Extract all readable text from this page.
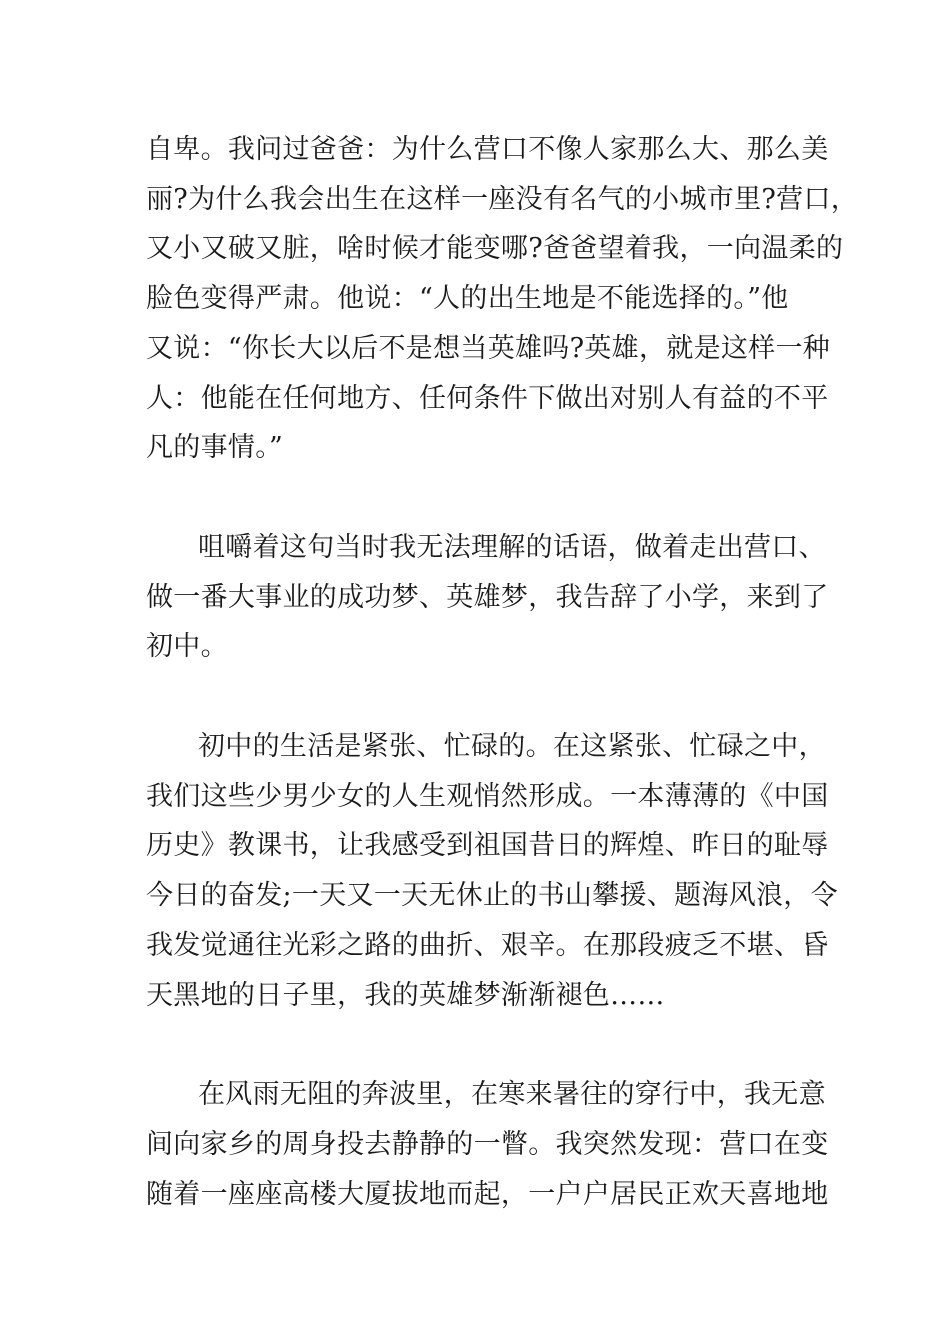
自卑。我问过爸爸：为什么营口不像人家那么大、那么美
丽?为什么我会出生在这样一座没有名气的小城市里?营口，
又小又破又脏，啥时候才能变哪?爸爸望着我，一向温柔的
脸色变得严肃。他说：“人的出生地是不能选择的。”他
又说：“你长大以后不是想当英雄吗?英雄，就是这样一种
人：他能在任何地方、任何条件下做出对别人有益的不平
凡的事情。”
咀嚼着这句当时我无法理解的话语，做着走出营口、
做一番大事业的成功梦、英雄梦，我告辞了小学，来到了
初中。
初中的生活是紧张、忙碌的。在这紧张、忙碌之中，
我们这些少男少女的人生观悄然形成。一本薄薄的《中国
历史》教课书，让我感受到祖国昔日的辉煌、昨日的耻辱
今日的奋发;一天又一天无休止的书山攀援、题海风浪，令
我发觉通往光彩之路的曲折、艰辛。在那段疲乏不堪、昏
天黑地的日子里，我的英雄梦渐渐褪色……
在风雨无阻的奔波里，在寒来暑往的穿行中，我无意
间向家乡的周身投去静静的一瞥。我突然发现：营口在变
随着一座座高楼大厦拔地而起，一户户居民正欢天喜地地
